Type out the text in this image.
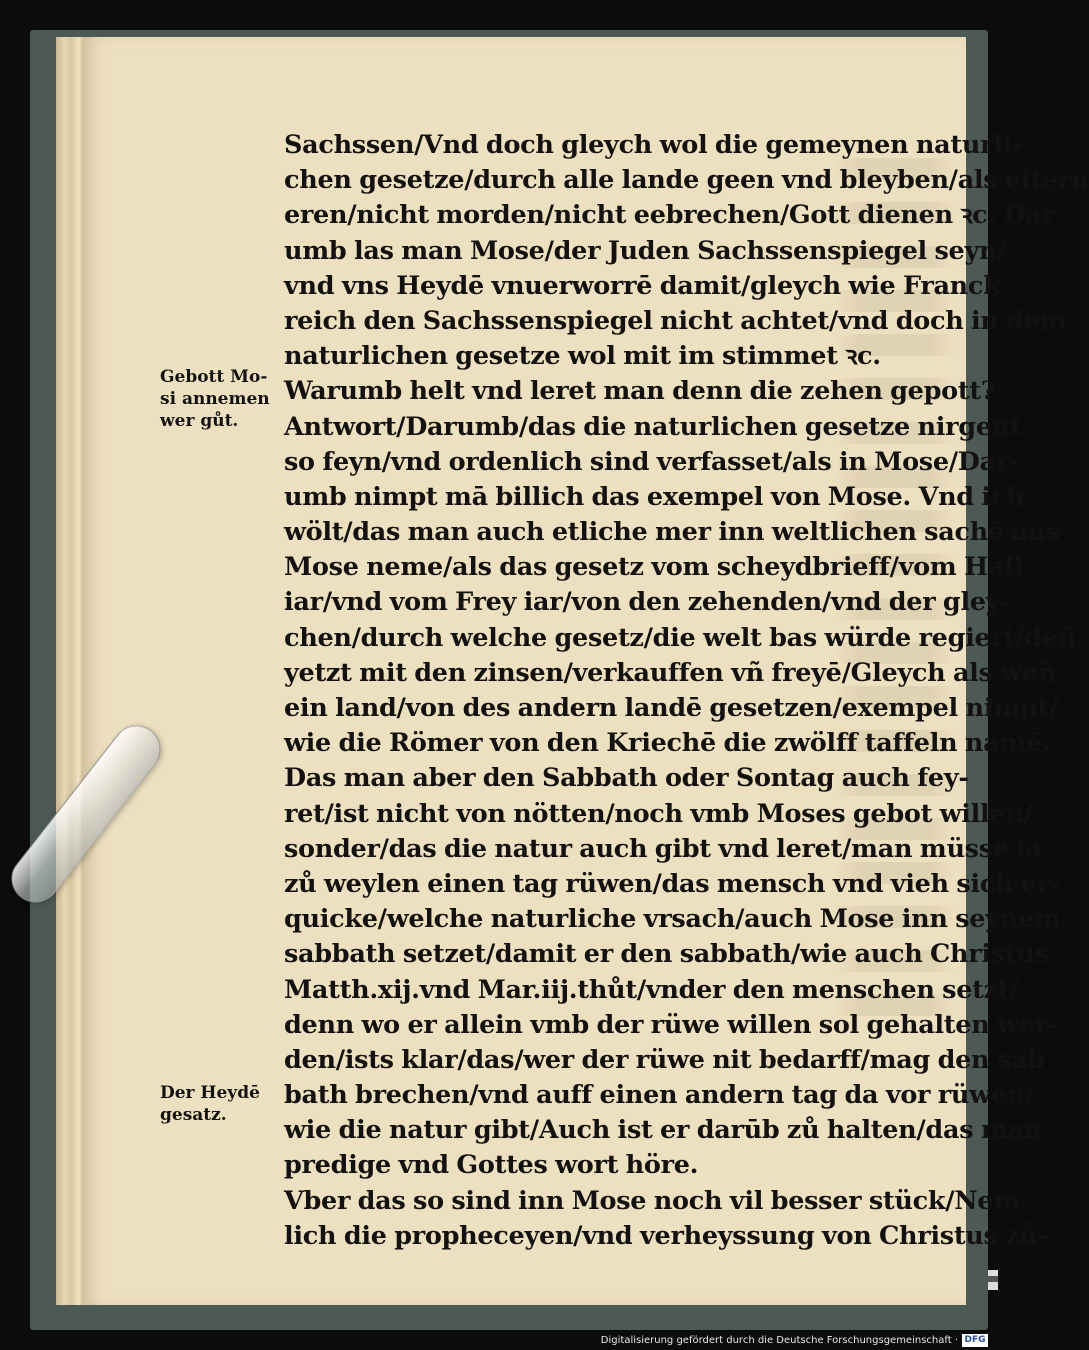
Sachssen/Vnd doch gleych wol die gemeynen naturli-
chen gesetze/durch alle lande geen vnd bleyben/als eltern
eren/nicht morden/nicht eebrechen/Gott dienen ꝛc. Dar
umb las man Mose/der Juden Sachssenspiegel seyn/
vnd vns Heydē vnuerworrē damit/gleych wie Franck
reich den Sachssenspiegel nicht achtet/vnd doch in dem
naturlichen gesetze wol mit im stimmet ꝛc.
Warumb helt vnd leret man denn die zehen gepott?
Antwort/Darumb/das die naturlichen gesetze nirgent
so feyn/vnd ordenlich sind verfasset/als in Mose/Dar-
umb nimpt mā billich das exempel von Mose. Vnd ich
wölt/das man auch etliche mer inn weltlichen sachē aus
Mose neme/als das gesetz vom scheydbrieff/vom Hall
iar/vnd vom Frey iar/von den zehenden/vnd der gley-
chen/durch welche gesetz/die welt bas würde regiert/deñ
yetzt mit den zinsen/verkauffen vñ freyē/Gleych als weñ
ein land/von des andern landē gesetzen/exempel nimpt/
wie die Römer von den Kriechē die zwölff taffeln namē.
Das man aber den Sabbath oder Sontag auch fey-
ret/ist nicht von nötten/noch vmb Moses gebot willen/
sonder/das die natur auch gibt vnd leret/man müsse ia
zů weylen einen tag rüwen/das mensch vnd vieh sich er-
quicke/welche naturliche vrsach/auch Mose inn seynem
sabbath setzet/damit er den sabbath/wie auch Christus
Matth.xij.vnd Mar.iij.thůt/vnder den menschen setzt/
denn wo er allein vmb der rüwe willen sol gehalten wer-
den/ists klar/das/wer der rüwe nit bedarff/mag den sab
bath brechen/vnd auff einen andern tag da vor rüwen/
wie die natur gibt/Auch ist er darūb zů halten/das man
predige vnd Gottes wort höre.
Vber das so sind inn Mose noch vil besser stück/Nem
lich die propheceyen/vnd verheyssung von Christus zů-
Gebott Mo-
si annemen
wer gůt.
Der Heydē
gesatz.
Digitalisierung gefördert durch die Deutsche Forschungsgemeinschaft · DFG
